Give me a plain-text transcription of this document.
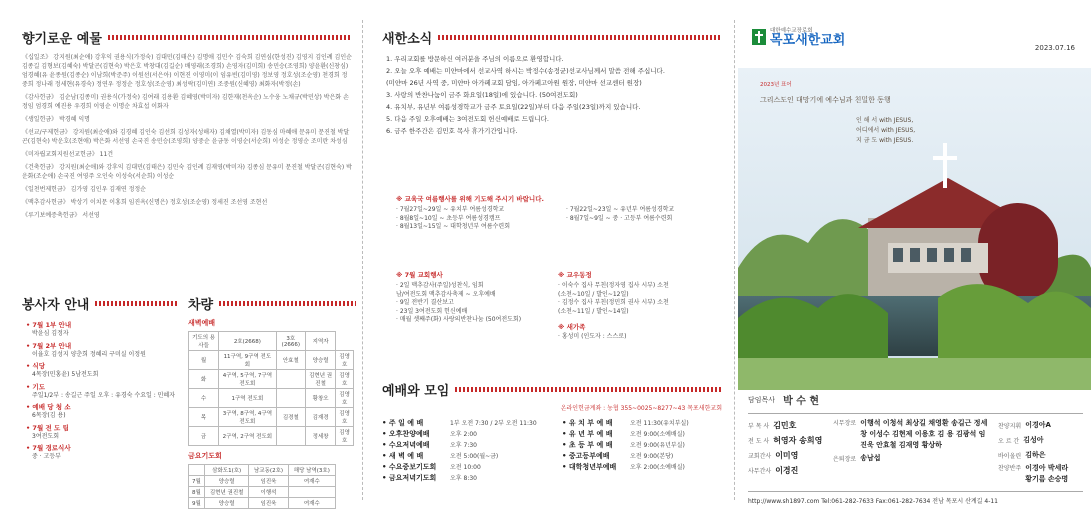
향기로운 예물

《십일조》 강지원(최순애) 강후익 권용식(가정숙) 김대민(김태은) 김명애 김민수 김숙희 김연심(한성진) 김영지 김인례 김인순 김종길 김형보(김혜숙) 박달곤(김현숙) 박은호 박창대(김길순) 배영래(조경희) 손영자(김미희) 송민승(조영희) 양윤환(신창심) 엄경혜(유 윤종원(김종순) 이남희(박준주) 이원선(서은아) 이현진 이영미(이 임유빈(김미영) 정보영 정호성(조순영) 천경희 정중희 정나래 정세현(유경숙) 정연우 정정순 정호성(조순영) 최성락(김미연) 조중원(신혜영) 최화자(박정(손)

《감사헌금》 김순남(김종미) 권용식(가정숙) 김여래 김용환 김혜영(박미자) 김한재(천옥순) 노수웅 노채규(박민상) 박은화 손정임 엄경희 예진용 우경희 이영순 이명순 차효섭 이화자

《생일헌금》 박경혜 익명

《선교/구제헌금》 강지원(최순애)와 김경혜 김인숙 김선희 김성자(성해자) 김채열(박미자) 김동심 마혜애 문유미 문진철 박달곤(김현숙) 박운호(조현애) 박은화 서선영 손국진 송민승(조영희) 양중순 윤금동 이영순(서순희) 이성순 정영순 조미란 차성심

《미자립교회지원선교헌금》 11건

《건축헌금》 강지원(최순애)와 강후익 김대민(김태은) 김민숙 김인례 김재영(박미자) 김종심 문유미 문진철 박달곤(김현숙) 박운화(조순애) 손국진 여영주 오인숙 이성숙(서순희) 이성순

《일천번제헌금》 김가영 김인우 김재연 정정순

《맥추감사헌금》 박상기 이치문 이홍희 임진옥(신명은) 정호성(조순영) 정세진 조선영 조현선

《루기보예증축헌금》 서선영

봉사자 안내
• 7월 1부 안내
박윤심 김정자
• 7월 2부 안내
이율호 김성지 양춘희 정혜리 구미실 이정원
• 식당
4목장(민홍윤) 5남전도회
• 기도
주일1/2부 : 송길근 주일 오후 : 유경숙 수요일 : 민혜자
• 예배 당 청 소
6목장(김 용)
• 7월 전 도 팀
3여전도회
• 7월 경로식사
중 · 고등부
차량
새벽예배
기도의 용사들	2호(2668)	3호(2666)	지역자	
월	11구역, 9구역 전도회	안효철	양승렬	김영호
화	4구역, 5구역, 7구역 전도회		김현년 권진철	김영호
수	1구역 전도회		황창오	김영호
목	3구역, 8구역, 4구역 전도회	김경철	김재경	김영호
금	2구역, 2구역 전도회		정세창	김영호
금요기도회
	삼화도1(호)	남교동(2호)	해당 남역(3호)
7월	양승렬	임진욱	여재수
8월	김현년 권진철	이행석	
9월	양승렬	임진욱	여재수
새한소식
1. 우리교회를 방문하신 여러분을 주님의 이름으로 환영합니다.
2. 오늘 오후 예배는 미얀마에서 선교사역 하시는 박정수(송정균)선교사님께서 말씀 전해 주십니다.
(미얀마 26년 사역 중, 미얀마 아가페교회 담임, 아가페고아원 원장, 미얀마 선교센터 원장)
3. 사랑의 반찬나눔이 금주 화요일(18일)에 있습니다. (50여전도회)
4. 유치부, 유년부 여름성경학교가 금주 토요일(22일)부터 다음 주일(23일)까지 있습니다.
5. 다음 주일 오후예배는 3여전도회 헌신예배로 드립니다.
6. 금주 한주간은 김민호 목사 휴가기간입니다.
※ 교육국 여름행사를 위해 기도해 주시기 바랍니다.
· 7월27일~29일 ~ 유치부 여름성경학교
· 8월8일~10일 ~ 초등부 여름성경캠프
· 8월13일~15일 ~ 대학청년부 여름수련회
· 7월22일~23일 ~ 유년부 여름성경학교
· 8월7일~9일 ~ 중 · 고등부 여름수련회
※ 7월 교회행사
· 2일 맥추감사(주일)성찬식, 임회
남/여전도회 맥추감사축제 ~ 오후예배
· 9일 전반기 결산보고
· 23일 3여전도회 헌신예배
· 매월 셋째주(화) 사랑의반찬나눔 (50여전도회)
※ 교우동정
· 이숙수 집사 무친(정자영 집사 시부) 소천
(소천~10일 / 발인~12일)
· 김정수 집사 부친(정민희 권사 시부) 소천
(소천~11일 / 발인~14일)
※ 새가족
· 홍성미 (인도자 : 스스로)
예배와 모임
온라인헌금계좌 : 농협 355~0025~8277~43 목포새한교회
• 주 일 예 배	1부 오전 7:30 / 2부 오전 11:30
• 오후찬양예배	오후 2:00
• 수요저녁예배	오후 7:30
• 새 벽 예 배	오전 5:00(월~금)
• 수요중보기도회	오전 10:00
• 금요저녁기도회	오후 8:30
• 유 치 부 예 배	오전 11:30(유치부실)
• 유 년 부 예 배	오전 9:00(소예배실)
• 초 등 부 예 배	오전 9:00(유년부실)
• 중고등부예배	오전 9:00(본당)
• 대학청년부예배	오후 2:00(소예배실)
대한예수교장로회
목포새한교회	2023.07.16
2023년 표어
그리스도인 대망기에 예수님과 친밀한 동행
인 해 서 with JESUS,
어디에서 with JESUS,
지 금 도 with JESUS.
담임목사 박 수 현
부 목 사 김민호
전 도 사 허영자 송희영
교회간사 이미영
사무간사 이경진
시무장로 이행석 이청석 최상길 채영환 송길근 정세창 이성수 김현제 이용호 김 용 김광석 임진욱 안효철 김재영 황상하
은퇴장로 송남섭
찬양지휘 이경아A
오 르 간 김성아
바이올린 김하은
찬양반주 이경아 박세라 황기름 손승명
http://www.sh1897.com Tel:061-282-7633 Fax:061-282-7634 전남 목포시 산계길 4-11
